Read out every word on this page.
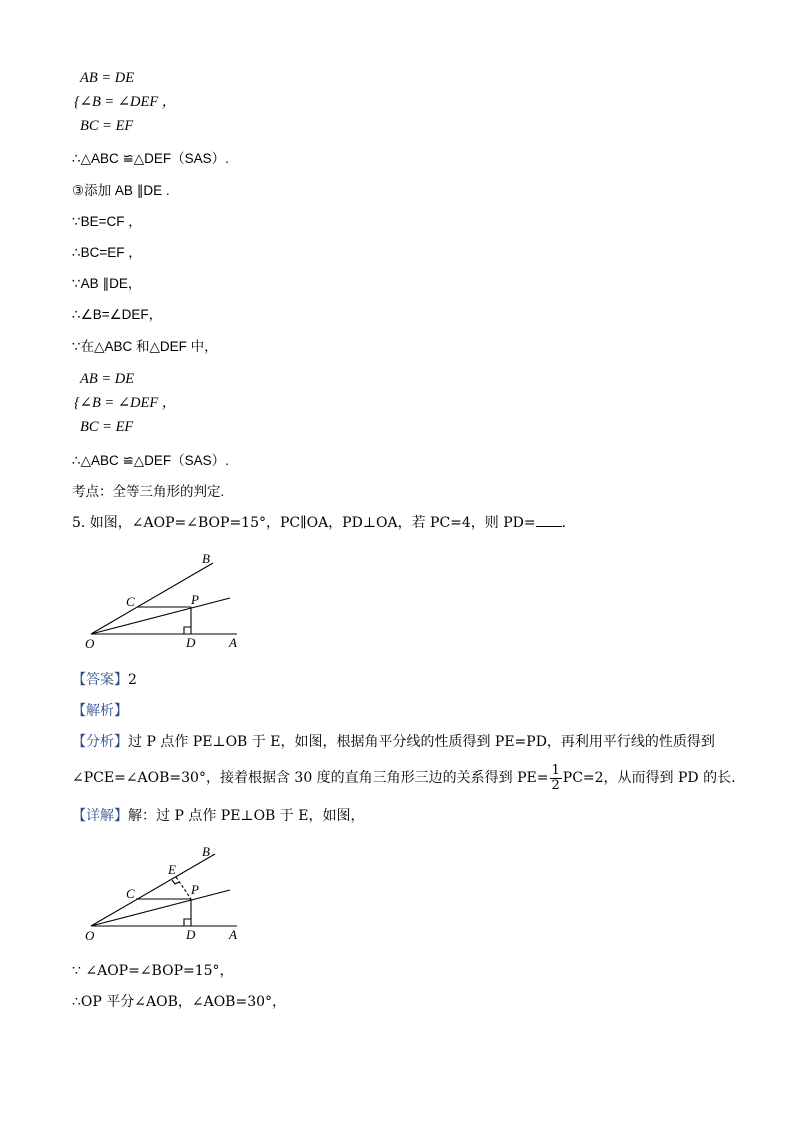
AB = DE
{∠B = ∠DEF ，
BC = EF
∴△ABC ≌△DEF（SAS）.
③添加 AB ∥DE .
∵BE=CF ，
∴BC=EF ，
∵AB ∥DE，
∴∠B=∠DEF，
∵在△ABC 和△DEF 中，
AB = DE
{∠B = ∠DEF ，
BC = EF
∴△ABC ≌△DEF（SAS）.
考点：全等三角形的判定.
5. 如图，∠AOP=∠BOP=15°，PC∥OA，PD⊥OA，若 PC=4，则 PD= .
B
C	P
O	D	A
【答案】2
【解析】
【分析】过 P 点作 PE⊥OB 于 E，如图，根据角平分线的性质得到 PE=PD，再利用平行线的性质得到
∠PCE=∠AOB=30°，接着根据含 30 度的直角三角形三边的关系得到 $PE= \frac{1}{2} PC=2$，从而得到 PD 的长.
【详解】解：过 P 点作 PE⊥OB 于 E，如图，
E
B
C	P
O	D	A
∵ ∠AOP=∠BOP=15°，
∴OP 平分∠AOB，∠AOB=30°，
